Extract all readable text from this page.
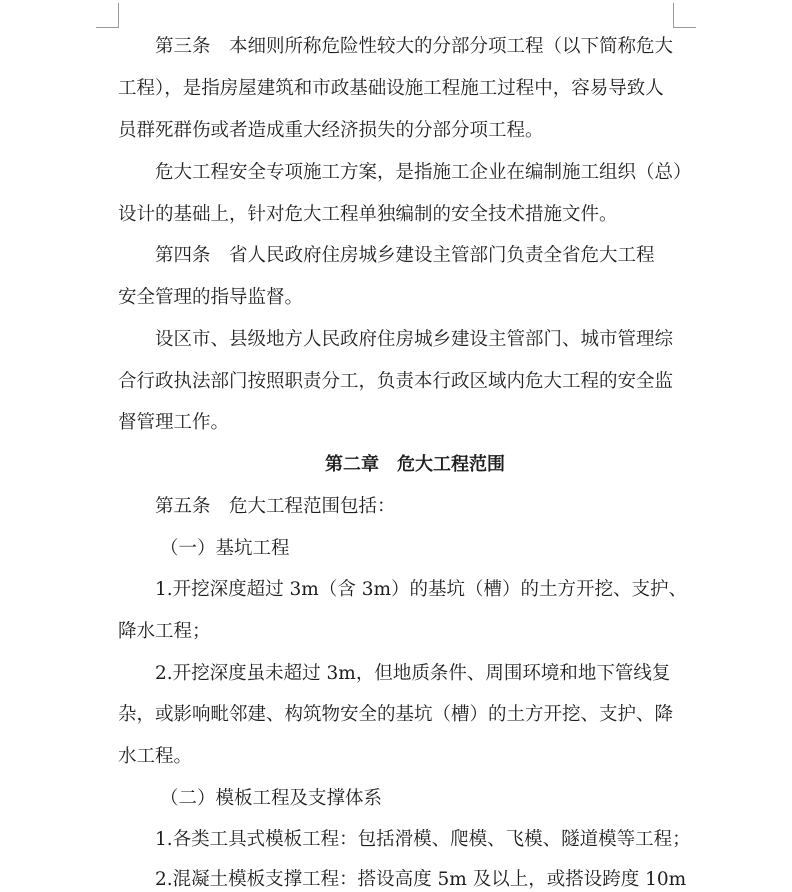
第三条　本细则所称危险性较大的分部分项工程（以下简称危大
工程），是指房屋建筑和市政基础设施工程施工过程中，容易导致人
员群死群伤或者造成重大经济损失的分部分项工程。
危大工程安全专项施工方案，是指施工企业在编制施工组织（总）
设计的基础上，针对危大工程单独编制的安全技术措施文件。
第四条　省人民政府住房城乡建设主管部门负责全省危大工程
安全管理的指导监督。
设区市、县级地方人民政府住房城乡建设主管部门、城市管理综
合行政执法部门按照职责分工，负责本行政区域内危大工程的安全监
督管理工作。
第二章　危大工程范围
第五条　危大工程范围包括：
（一）基坑工程
1.开挖深度超过 3m（含 3m）的基坑（槽）的土方开挖、支护、
降水工程；
2.开挖深度虽未超过 3m，但地质条件、周围环境和地下管线复
杂，或影响毗邻建、构筑物安全的基坑（槽）的土方开挖、支护、降
水工程。
（二）模板工程及支撑体系
1.各类工具式模板工程：包括滑模、爬模、飞模、隧道模等工程；
2.混凝土模板支撑工程：搭设高度 5m 及以上，或搭设跨度 10m
